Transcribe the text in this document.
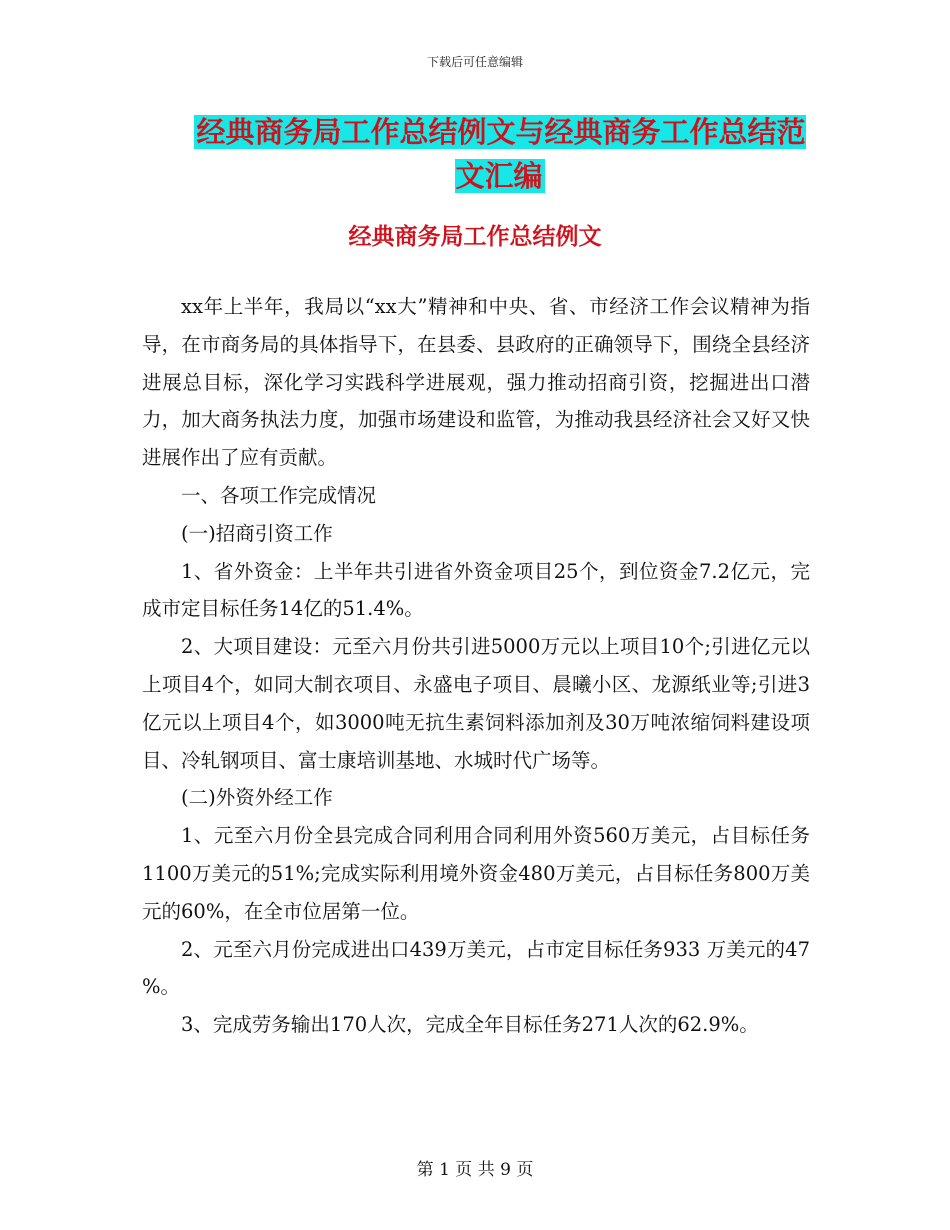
下载后可任意编辑
经典商务局工作总结例文与经典商务工作总结范文汇编
经典商务局工作总结例文

xx年上半年，我局以“xx大”精神和中央、省、市经济工作会议精神为指导，在市商务局的具体指导下，在县委、县政府的正确领导下，围绕全县经济进展总目标，深化学习实践科学进展观，强力推动招商引资，挖掘进出口潜力，加大商务执法力度，加强市场建设和监管，为推动我县经济社会又好又快进展作出了应有贡献。

一、各项工作完成情况

(一)招商引资工作

1、省外资金：上半年共引进省外资金项目25个，到位资金7.2亿元，完成市定目标任务14亿的51.4%。

2、大项目建设：元至六月份共引进5000万元以上项目10个;引进亿元以上项目4个，如同大制衣项目、永盛电子项目、晨曦小区、龙源纸业等;引进3亿元以上项目4个，如3000吨无抗生素饲料添加剂及30万吨浓缩饲料建设项目、冷轧钢项目、富士康培训基地、水城时代广场等。

(二)外资外经工作

1、元至六月份全县完成合同利用合同利用外资560万美元，占目标任务1100万美元的51%;完成实际利用境外资金480万美元，占目标任务800万美元的60%，在全市位居第一位。

2、元至六月份完成进出口439万美元，占市定目标任务933 万美元的47 %。

3、完成劳务输出170人次，完成全年目标任务271人次的62.9%。

第 1 页 共 9 页
